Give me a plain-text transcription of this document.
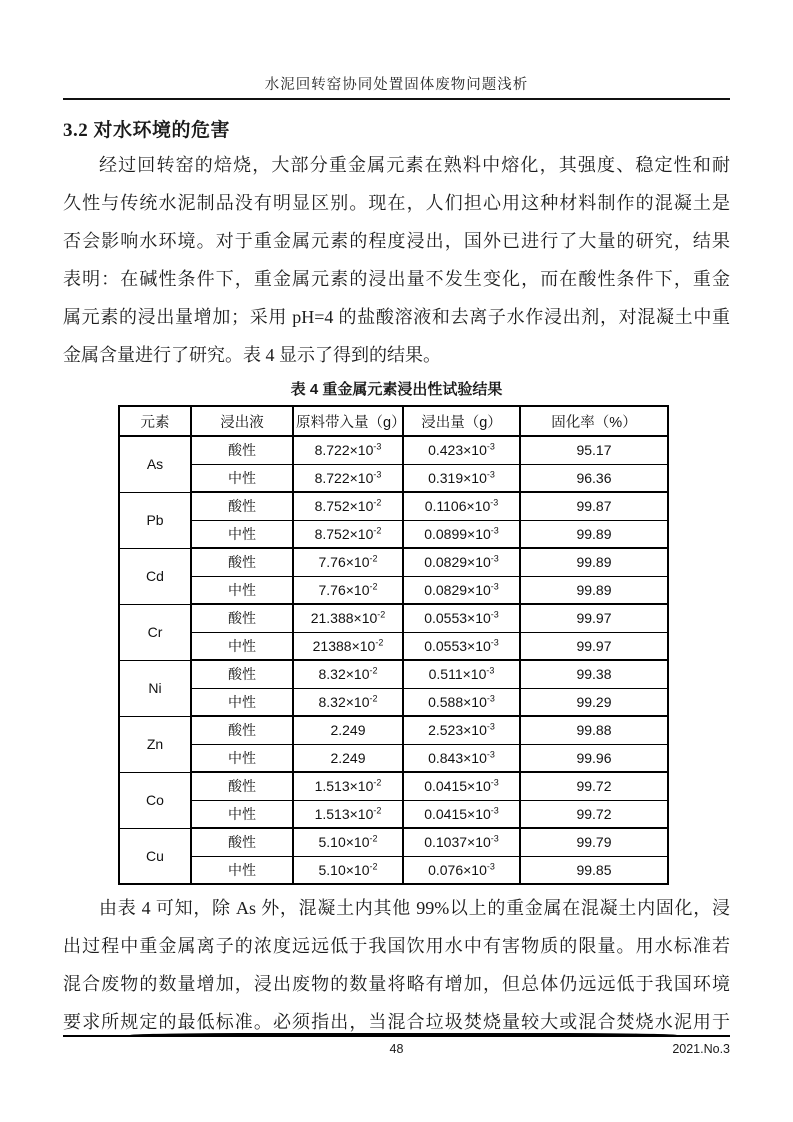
水泥回转窑协同处置固体废物问题浅析
3.2 对水环境的危害
经过回转窑的焙烧，大部分重金属元素在熟料中熔化，其强度、稳定性和耐
久性与传统水泥制品没有明显区别。现在，人们担心用这种材料制作的混凝土是
否会影响水环境。对于重金属元素的程度浸出，国外已进行了大量的研究，结果
表明：在碱性条件下，重金属元素的浸出量不发生变化，而在酸性条件下，重金
属元素的浸出量增加；采用 pH=4 的盐酸溶液和去离子水作浸出剂，对混凝土中重
金属含量进行了研究。表 4 显示了得到的结果。
表 4 重金属元素浸出性试验结果
元素	浸出液	原料带入量（g）	浸出量（g）	固化率（%）
As	酸性	$8.722\times 10^{-3}$	$0.423\times 10^{-3}$	95.17
	中性	$8.722\times 10^{-3}$	$0.319\times 10^{-3}$	96.36
Pb	酸性	$8.752\times 10^{-2}$	$0.1106\times 10^{-3}$	99.87
	中性	$8.752\times 10^{-2}$	$0.0899\times 10^{-3}$	99.89
Cd	酸性	$7.76\times 10^{-2}$	$0.0829\times 10^{-3}$	99.89
	中性	$7.76\times 10^{-2}$	$0.0829\times 10^{-3}$	99.89
Cr	酸性	$21.388\times 10^{-2}$	$0.0553\times 10^{-3}$	99.97
	中性	$21388\times 10^{-2}$	$0.0553\times 10^{-3}$	99.97
Ni	酸性	$8.32\times 10^{-2}$	$0.511\times 10^{-3}$	99.38
	中性	$8.32\times 10^{-2}$	$0.588\times 10^{-3}$	99.29
Zn	酸性	2.249	$2.523\times 10^{-3}$	99.88
	中性	2.249	$0.843\times 10^{-3}$	99.96
Co	酸性	$1.513\times 10^{-2}$	$0.0415\times 10^{-3}$	99.72
	中性	$1.513\times 10^{-2}$	$0.0415\times 10^{-3}$	99.72
Cu	酸性	$5.10\times 10^{-2}$	$0.1037\times 10^{-3}$	99.79
	中性	$5.10\times 10^{-2}$	$0.076\times 10^{-3}$	99.85
由表 4 可知，除 As 外，混凝土内其他 99%以上的重金属在混凝土内固化，浸
出过程中重金属离子的浓度远远低于我国饮用水中有害物质的限量。用水标准若
混合废物的数量增加，浸出废物的数量将略有增加，但总体仍远远低于我国环境
要求所规定的最低标准。必须指出，当混合垃圾焚烧量较大或混合焚烧水泥用于
48	2021.No.3
